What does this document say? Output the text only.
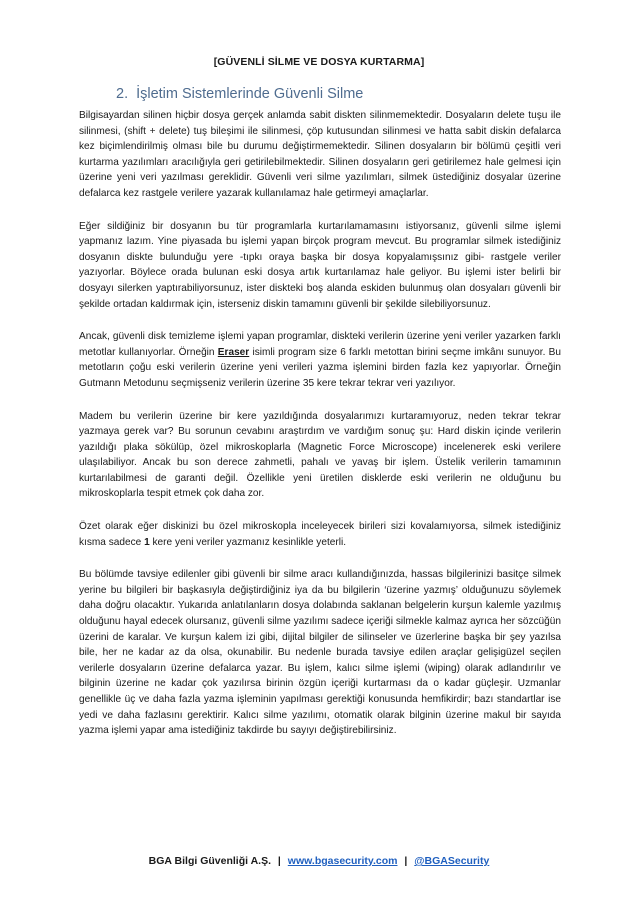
[GÜVENLİ SİLME VE DOSYA KURTARMA]
2. İşletim Sistemlerinde Güvenli Silme

Bilgisayardan silinen hiçbir dosya gerçek anlamda sabit diskten silinmemektedir. Dosyaların delete tuşu ile silinmesi, (shift + delete) tuş bileşimi ile silinmesi, çöp kutusundan silinmesi ve hatta sabit diskin defalarca kez biçimlendirilmiş olması bile bu durumu değiştirmemektedir. Silinen dosyaların bir bölümü çeşitli veri kurtarma yazılımları aracılığıyla geri getirilebilmektedir. Silinen dosyaların geri getirilemez hale gelmesi için üzerine yeni veri yazılması gereklidir. Güvenli veri silme yazılımları, silmek üstediğiniz dosyalar üzerine defalarca kez rastgele verilere yazarak kullanılamaz hale getirmeyi amaçlarlar.

Eğer sildiğiniz bir dosyanın bu tür programlarla kurtarılamamasını istiyorsanız, güvenli silme işlemi yapmanız lazım. Yine piyasada bu işlemi yapan birçok program mevcut. Bu programlar silmek istediğiniz dosyanın diskte bulunduğu yere -tıpkı oraya başka bir dosya kopyalamışsınız gibi- rastgele veriler yazıyorlar. Böylece orada bulunan eski dosya artık kurtarılamaz hale geliyor. Bu işlemi ister belirli bir dosyayı silerken yaptırabiliyorsunuz, ister diskteki boş alanda eskiden bulunmuş olan dosyaları güvenli bir şekilde ortadan kaldırmak için, isterseniz diskin tamamını güvenli bir şekilde silebiliyorsunuz.

Ancak, güvenli disk temizleme işlemi yapan programlar, diskteki verilerin üzerine yeni veriler yazarken farklı metotlar kullanıyorlar. Örneğin Eraser isimli program size 6 farklı metottan birini seçme imkânı sunuyor. Bu metotların çoğu eski verilerin üzerine yeni verileri yazma işlemini birden fazla kez yapıyorlar. Örneğin Gutmann Metodunu seçmişseniz verilerin üzerine 35 kere tekrar tekrar veri yazılıyor.

Madem bu verilerin üzerine bir kere yazıldığında dosyalarımızı kurtaramıyoruz, neden tekrar tekrar yazmaya gerek var? Bu sorunun cevabını araştırdım ve vardığım sonuç şu: Hard diskin içinde verilerin yazıldığı plaka sökülüp, özel mikroskoplarla (Magnetic Force Microscope) incelenerek eski verilere ulaşılabiliyor. Ancak bu son derece zahmetli, pahalı ve yavaş bir işlem. Üstelik verilerin tamamının kurtarılabilmesi de garanti değil. Özellikle yeni üretilen disklerde eski verilerin ne olduğunu bu mikroskoplarla tespit etmek çok daha zor.

Özet olarak eğer diskinizi bu özel mikroskopla inceleyecek birileri sizi kovalamıyorsa, silmek istediğiniz kısma sadece 1 kere yeni veriler yazmanız kesinlikle yeterli.

Bu bölümde tavsiye edilenler gibi güvenli bir silme aracı kullandığınızda, hassas bilgilerinizi basitçe silmek yerine bu bilgileri bir başkasıyla değiştirdiğiniz iya da bu bilgilerin ‘üzerine yazmış’ olduğunuzu söylemek daha doğru olacaktır. Yukarıda anlatılanların dosya dolabında saklanan belgelerin kurşun kalemle yazılmış olduğunu hayal edecek olursanız, güvenli silme yazılımı sadece içeriği silmekle kalmaz ayrıca her sözcüğün üzerini de karalar. Ve kurşun kalem izi gibi, dijital bilgiler de silinseler ve üzerlerine başka bir şey yazılsa bile, her ne kadar az da olsa, okunabilir. Bu nedenle burada tavsiye edilen araçlar gelişigüzel seçilen verilerle dosyaların üzerine defalarca yazar. Bu işlem, kalıcı silme işlemi (wiping) olarak adlandırılır ve bilginin üzerine ne kadar çok yazılırsa birinin özgün içeriği kurtarması da o kadar güçleşir. Uzmanlar genellikle üç ve daha fazla yazma işleminin yapılması gerektiği konusunda hemfikirdir; bazı standartlar ise yedi ve daha fazlasını gerektirir. Kalıcı silme yazılımı, otomatik olarak bilginin üzerine makul bir sayıda yazma işlemi yapar ama istediğiniz takdirde bu sayıyı değiştirebilirsiniz.

BGA Bilgi Güvenliği A.Ş. | www.bgasecurity.com | @BGASecurity
